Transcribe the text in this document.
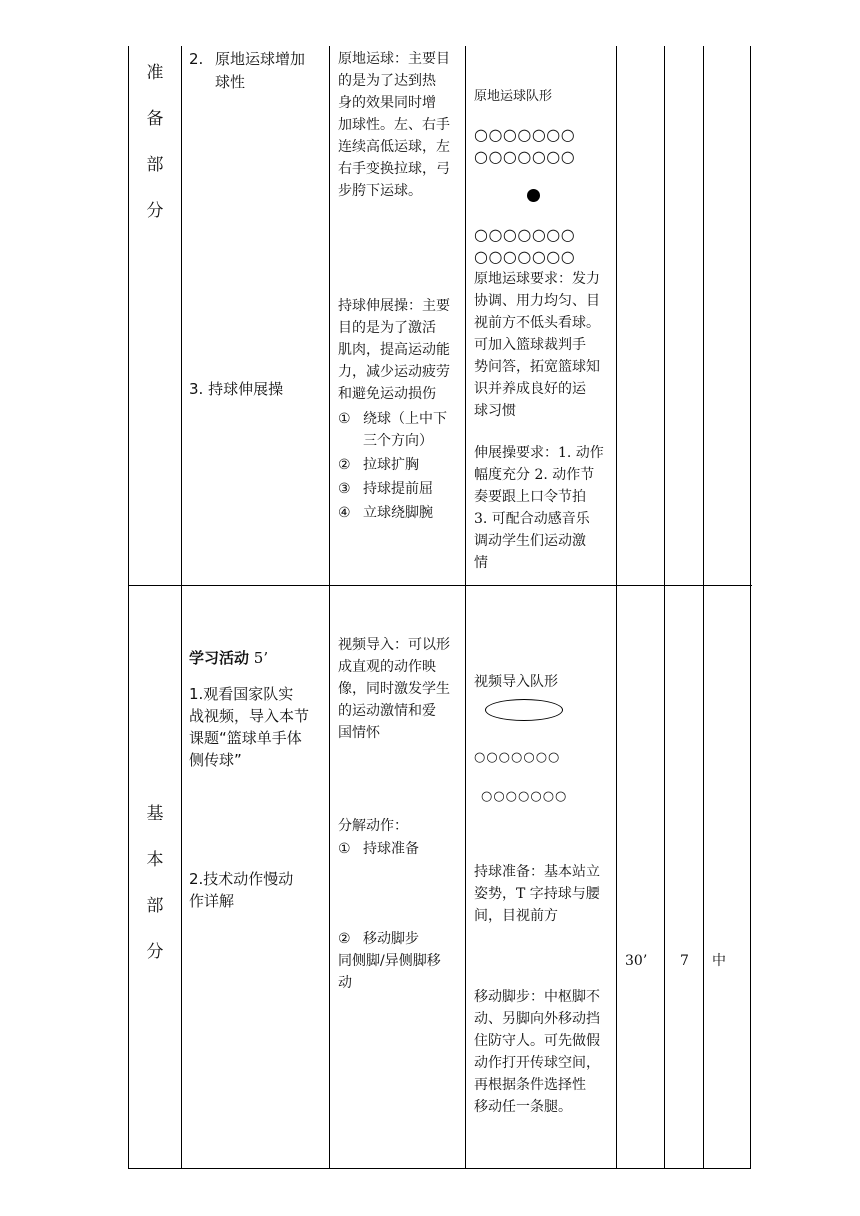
准备部分
2. 原地运球增加
球性
3. 持球伸展操
原地运球：主要目
的是为了达到热
身的效果同时增
加球性。左、右手
连续高低运球，左
右手变换拉球，弓
步胯下运球。
持球伸展操：主要
目的是为了激活
肌肉，提高运动能
力，减少运动疲劳
和避免运动损伤
① 绕球（上中下
三个方向）
② 拉球扩胸
③ 持球提前屈
④ 立球绕脚腕
原地运球队形
○○○○○○○
○○○○○○○
○○○○○○○
○○○○○○○
原地运球要求：发力
协调、用力均匀、目
视前方不低头看球。
可加入篮球裁判手
势问答，拓宽篮球知
识并养成良好的运
球习惯
伸展操要求：1. 动作
幅度充分 2. 动作节
奏要跟上口令节拍
3. 可配合动感音乐
调动学生们运动激
情
基本部分
学习活动 5’
1.观看国家队实
战视频，导入本节
课题“篮球单手体
侧传球”
2.技术动作慢动
作详解
视频导入：可以形
成直观的动作映
像，同时激发学生
的运动激情和爱
国情怀
分解动作：
① 持球准备
② 移动脚步
同侧脚/异侧脚移
动
视频导入队形
○○○○○○○
○○○○○○○
持球准备：基本站立
姿势，T 字持球与腰
间，目视前方
移动脚步：中枢脚不
动、另脚向外移动挡
住防守人。可先做假
动作打开传球空间，
再根据条件选择性
移动任一条腿。
30’ 7 中
